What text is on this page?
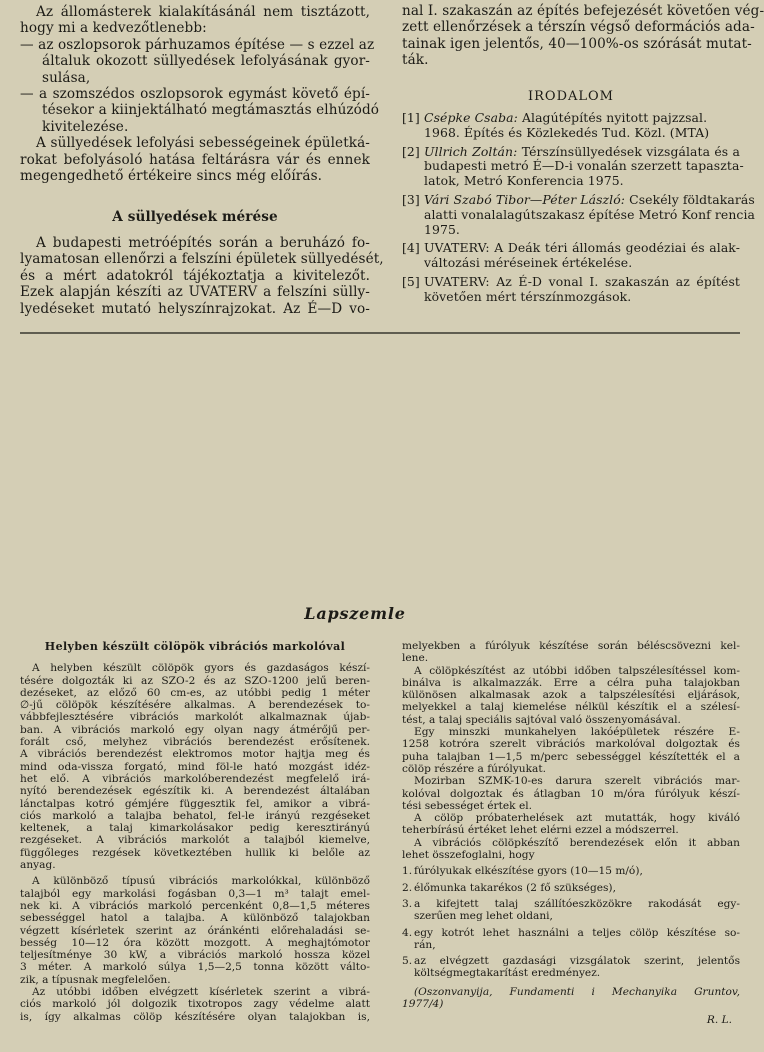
Az állomásterek kialakításánál nem tisztázott,
hogy mi a kedvezőtlenebb:
— az oszlopsorok párhuzamos építése — s ezzel az
általuk okozott süllyedések lefolyásának gyor-
sulása,
— a szomszédos oszlopsorok egymást követő épí-
tésekor a kiinjektálható megtámasztás elhúzódó
kivitelezése.
A süllyedések lefolyási sebességeinek épületká-
rokat befolyásoló hatása feltárásra vár és ennek
megengedhető értékeire sincs még előírás.
A süllyedések mérése
A budapesti metróépítés során a beruházó fo-
lyamatosan ellenőrzi a felszíni épületek süllyedését,
és a mért adatokról tájékoztatja a kivitelezőt.
Ezek alapján készíti az UVATERV a felszíni sülly-
lyedéseket mutató helyszínrajzokat. Az É—D vo-
nal I. szakaszán az építés befejezését követően vég-
zett ellenőrzések a térszín végső deformációs ada-
tainak igen jelentős, 40—100%-os szórását mutat-
ták.
IRODALOM
[1] Csépke Csaba: Alagútépítés nyitott pajzzsal.
1968. Építés és Közlekedés Tud. Közl. (MTA)
[2] Ullrich Zoltán: Térszínsüllyedések vizsgálata és a
budapesti metró É—D-i vonalán szerzett tapaszta-
latok, Metró Konferencia 1975.
[3] Vári Szabó Tibor—Péter László: Csekély földtakarás
alatti vonalalagútszakasz építése Metró Konf rencia
1975.
[4] UVATERV: A Deák téri állomás geodéziai és alak-
változási méréseinek értékelése.
[5] UVATERV: Az É-D vonal I. szakaszán az építést
követően mért térszínmozgások.
Lapszemle
Helyben készült cölöpök vibrációs markolóval
A helyben készült cölöpök gyors és gazdaságos készí-
tésére dolgozták ki az SZO-2 és az SZO-1200 jelű beren-
dezéseket, az előző 60 cm-es, az utóbbi pedig 1 méter
∅-jű cölöpök készítésére alkalmas. A berendezések to-
vábbfejlesztésére vibrációs markolót alkalmaznak újab-
ban. A vibrációs markoló egy olyan nagy átmérőjű per-
forált cső, melyhez vibrációs berendezést erősítenek.
A vibrációs berendezést elektromos motor hajtja meg és
mind oda-vissza forgató, mind föl-le ható mozgást idéz-
het elő. A vibrációs markolóberendezést megfelelő irá-
nyító berendezések egészítik ki. A berendezést általában
lánctalpas kotró gémjére függesztik fel, amikor a vibrá-
ciós markoló a talajba behatol, fel-le irányú rezgéseket
keltenek, a talaj kimarkolásakor pedig keresztirányú
rezgéseket. A vibrációs markolót a talajból kiemelve,
függőleges rezgések következtében hullik ki belőle az
anyag.
A különböző típusú vibrációs markolókkal, különböző
talajból egy markolási fogásban 0,3—1 m³ talajt emel-
nek ki. A vibrációs markoló percenként 0,8—1,5 méteres
sebességgel hatol a talajba. A különböző talajokban
végzett kísérletek szerint az óránkénti előrehaladási se-
besség 10—12 óra között mozgott. A meghajtómotor
teljesítménye 30 kW, a vibrációs markoló hossza közel
3 méter. A markoló súlya 1,5—2,5 tonna között válto-
zik, a típusnak megfelelően.
Az utóbbi időben elvégzett kísérletek szerint a vibrá-
ciós markoló jól dolgozik tixotropos zagy védelme alatt
is, így alkalmas cölöp készítésére olyan talajokban is,
melyekben a fúrólyuk készítése során béléscsövezni kel-
lene.
A cölöpkészítést az utóbbi időben talpszélesítéssel kom-
binálva is alkalmazzák. Erre a célra puha talajokban
különösen alkalmasak azok a talpszélesítési eljárások,
melyekkel a talaj kiemelése nélkül készítik el a szélesí-
tést, a talaj speciális sajtóval való összenyomásával.
Egy minszki munkahelyen lakóépületek részére E-
1258 kotróra szerelt vibrációs markolóval dolgoztak és
puha talajban 1—1,5 m/perc sebességgel készítették el a
cölöp részére a fúrólyukat.
Mozirban SZMK-10-es darura szerelt vibrációs mar-
kolóval dolgoztak és átlagban 10 m/óra fúrólyuk készí-
tési sebességet értek el.
A cölöp próbaterhelések azt mutatták, hogy kiváló
teherbírású értéket lehet elérni ezzel a módszerrel.
A vibrációs cölöpkészítő berendezések előn it abban
lehet összefoglalni, hogy
1. fúrólyukak elkészítése gyors (10—15 m/ó),
2. élőmunka takarékos (2 fő szükséges),
3. a kifejtett talaj szállítóeszközökre rakodását egy-
szerűen meg lehet oldani,
4. egy kotrót lehet használni a teljes cölöp készítése so-
rán,
5. az elvégzett gazdasági vizsgálatok szerint, jelentős
költségmegtakarítást eredményez.
(Oszonvanyija, Fundamenti i Mechanyika Gruntov,
1977/4)
R. L.
